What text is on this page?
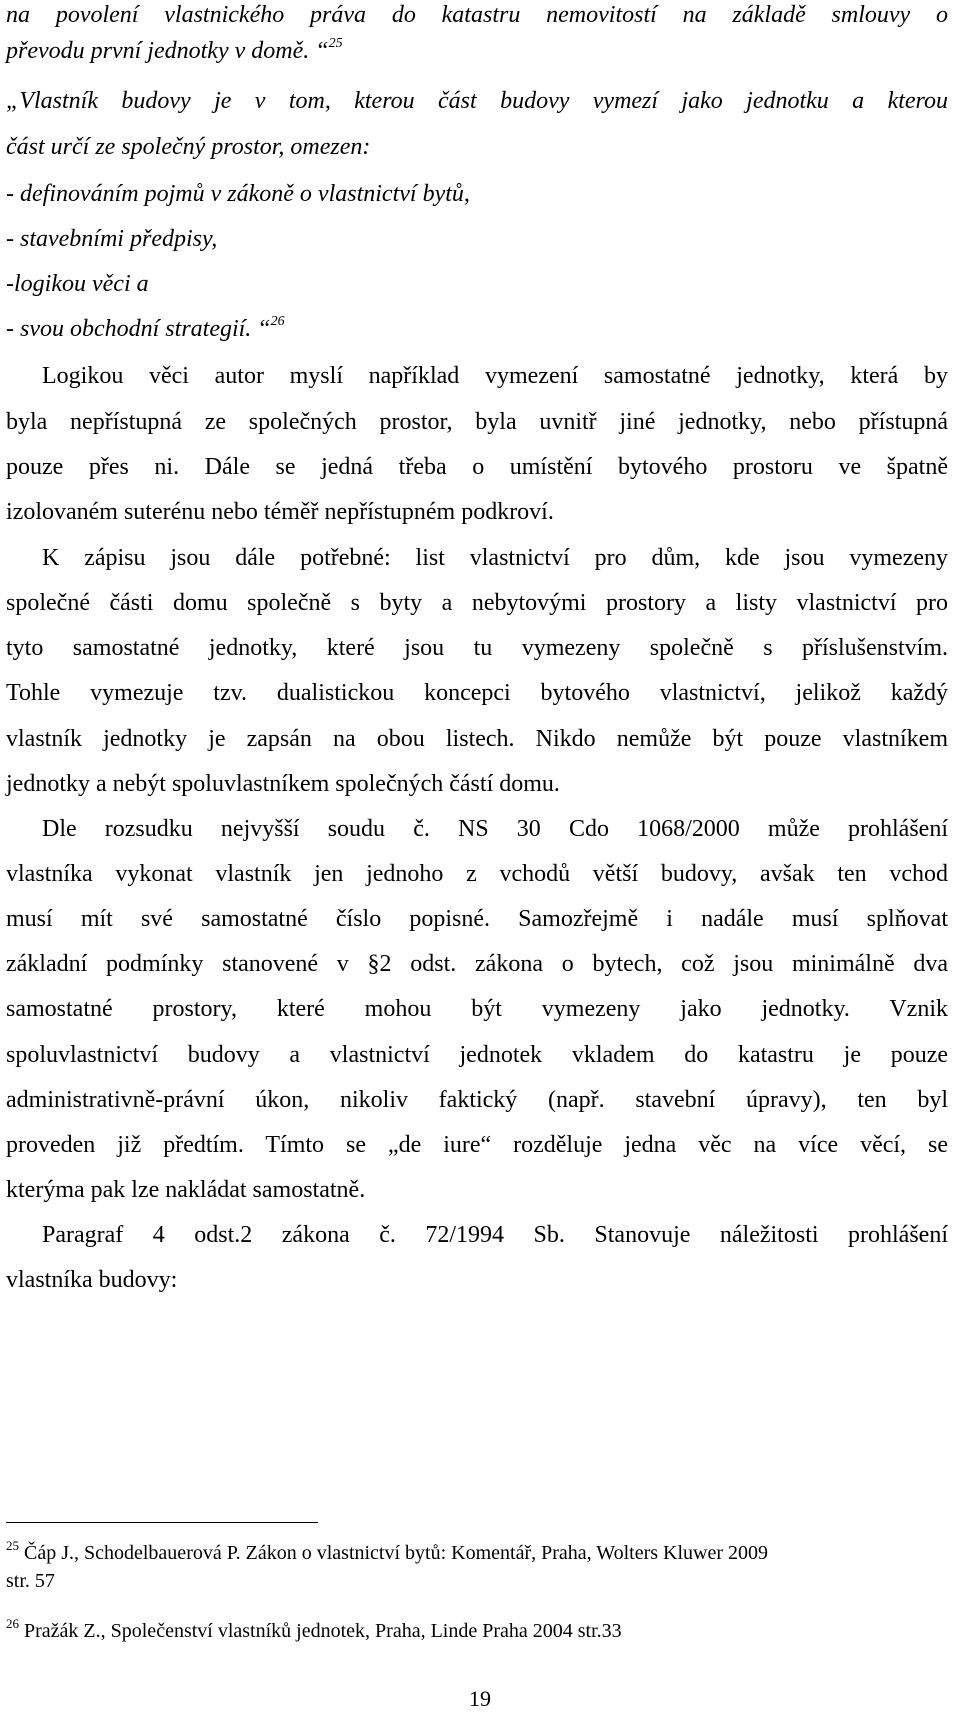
na povolení vlastnického práva do katastru nemovitostí na základě smlouvy o
převodu první jednotky v domě. “$^{25}$
„Vlastník budovy je v tom, kterou část budovy vymezí jako jednotku a kterou
část určí ze společný prostor, omezen:
- definováním pojmů v zákoně o vlastnictví bytů,
- stavebními předpisy,
-logikou věci a
- svou obchodní strategií. “$^{26}$
Logikou věci autor myslí například vymezení samostatné jednotky, která by
byla nepřístupná ze společných prostor, byla uvnitř jiné jednotky, nebo přístupná
pouze přes ni. Dále se jedná třeba o umístění bytového prostoru ve špatně
izolovaném suterénu nebo téměř nepřístupném podkroví.
K zápisu jsou dále potřebné: list vlastnictví pro dům, kde jsou vymezeny
společné části domu společně s byty a nebytovými prostory a listy vlastnictví pro
tyto samostatné jednotky, které jsou tu vymezeny společně s příslušenstvím.
Tohle vymezuje tzv. dualistickou koncepci bytového vlastnictví, jelikož každý
vlastník jednotky je zapsán na obou listech. Nikdo nemůže být pouze vlastníkem
jednotky a nebýt spoluvlastníkem společných částí domu.
Dle rozsudku nejvyšší soudu č. NS 30 Cdo 1068/2000 může prohlášení
vlastníka vykonat vlastník jen jednoho z vchodů větší budovy, avšak ten vchod
musí mít své samostatné číslo popisné. Samozřejmě i nadále musí splňovat
základní podmínky stanovené v §2 odst. zákona o bytech, což jsou minimálně dva
samostatné prostory, které mohou být vymezeny jako jednotky. Vznik
spoluvlastnictví budovy a vlastnictví jednotek vkladem do katastru je pouze
administrativně-právní úkon, nikoliv faktický (např. stavební úpravy), ten byl
proveden již předtím. Tímto se „de iure“ rozděluje jedna věc na více věcí, se
kterýma pak lze nakládat samostatně.
Paragraf 4 odst.2 zákona č. 72/1994 Sb. Stanovuje náležitosti prohlášení
vlastníka budovy:
$^{25}$ Čáp J., Schodelbauerová P. Zákon o vlastnictví bytů: Komentář, Praha, Wolters Kluwer 2009
str. 57
$^{26}$ Pražák Z., Společenství vlastníků jednotek, Praha, Linde Praha 2004 str.33
19
